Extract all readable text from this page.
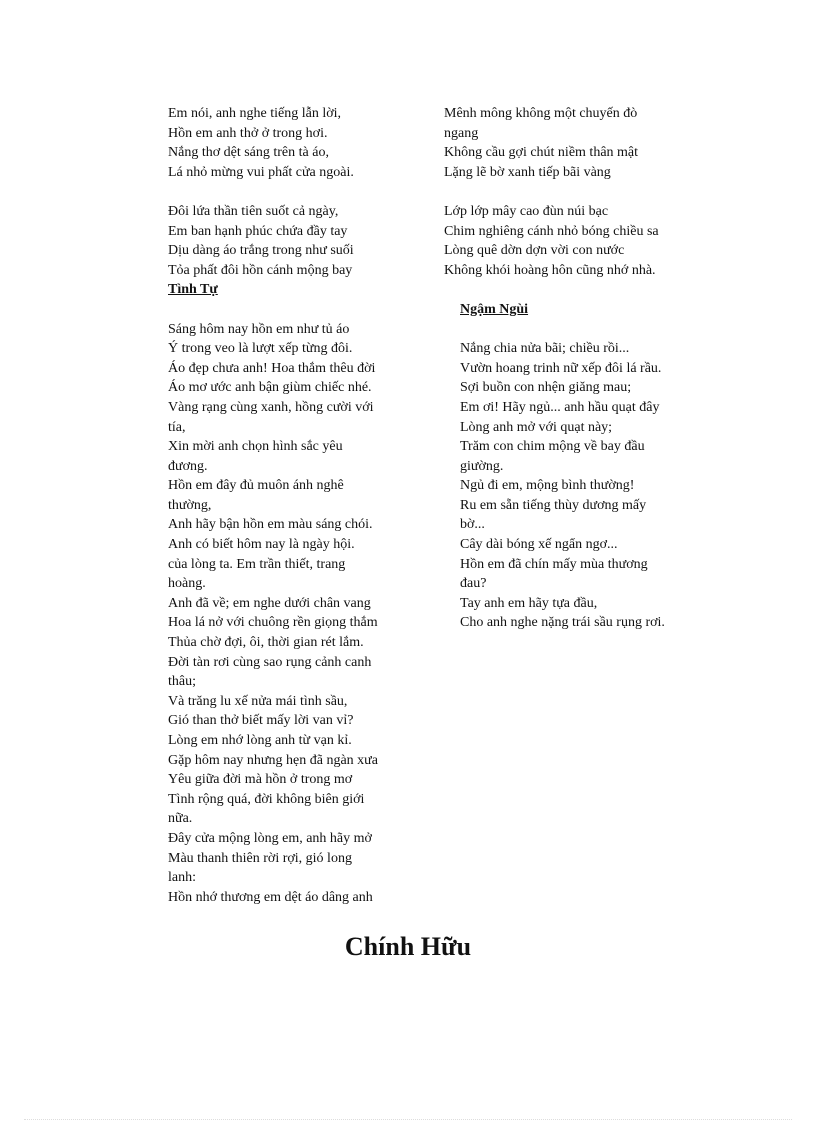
Em nói, anh nghe tiếng lẫn lời,
Hồn em anh thở ở trong hơi.
Nắng thơ dệt sáng trên tà áo,
Lá nhỏ mừng vui phất cửa ngoài.
Đôi lứa thần tiên suốt cả ngày,
Em ban hạnh phúc chứa đầy tay
Dịu dàng áo trắng trong như suối
Tỏa phất đôi hồn cánh mộng bay
Tình Tự
Sáng hôm nay hồn em như tủ áo
Ý trong veo là lượt xếp từng đôi.
Áo đẹp chưa anh! Hoa thắm thêu đời
Áo mơ ước anh bận giùm chiếc nhé.
Vàng rạng cùng xanh, hồng cười với
tía,
Xin mời anh chọn hình sắc yêu
đương.
Hồn em đây đủ muôn ánh nghê
thường,
Anh hãy bận hồn em màu sáng chói.
Anh có biết hôm nay là ngày hội.
của lòng ta. Em trần thiết, trang
hoàng.
Anh đã về; em nghe dưới chân vang
Hoa lá nở với chuông rền giọng thắm
Thủa chờ đợi, ôi, thời gian rét lắm.
Đời tàn rơi cùng sao rụng cảnh canh
thâu;
Và trăng lu xế nửa mái tình sầu,
Gió than thở biết mấy lời van vỉ?
Lòng em nhớ lòng anh từ vạn kỉ.
Gặp hôm nay nhưng hẹn đã ngàn xưa
Yêu giữa đời mà hồn ở trong mơ
Tình rộng quá, đời không biên giới
nữa.
Đây cửa mộng lòng em, anh hãy mở
Màu thanh thiên rời rợi, gió long
lanh:
Hồn nhớ thương em dệt áo dâng anh
Mênh mông không một chuyến đò
ngang
Không cầu gợi chút niềm thân mật
Lặng lẽ bờ xanh tiếp bãi vàng
Lớp lớp mây cao đùn núi bạc
Chim nghiêng cánh nhỏ bóng chiều sa
Lòng quê dờn dợn vời con nước
Không khói hoàng hôn cũng nhớ nhà.
Ngậm Ngùi
Nắng chia nửa bãi; chiều rồi...
Vườn hoang trinh nữ xếp đôi lá rầu.
Sợi buồn con nhện giăng mau;
Em ơi! Hãy ngủ... anh hầu quạt đây
Lòng anh mở với quạt này;
Trăm con chim mộng về bay đầu
giường.
Ngủ đi em, mộng bình thường!
Ru em sẵn tiếng thùy dương mấy
bờ...
Cây dài bóng xế ngẩn ngơ...
Hồn em đã chín mấy mùa thương
đau?
Tay anh em hãy tựa đầu,
Cho anh nghe nặng trái sầu rụng rơi.
Chính Hữu
